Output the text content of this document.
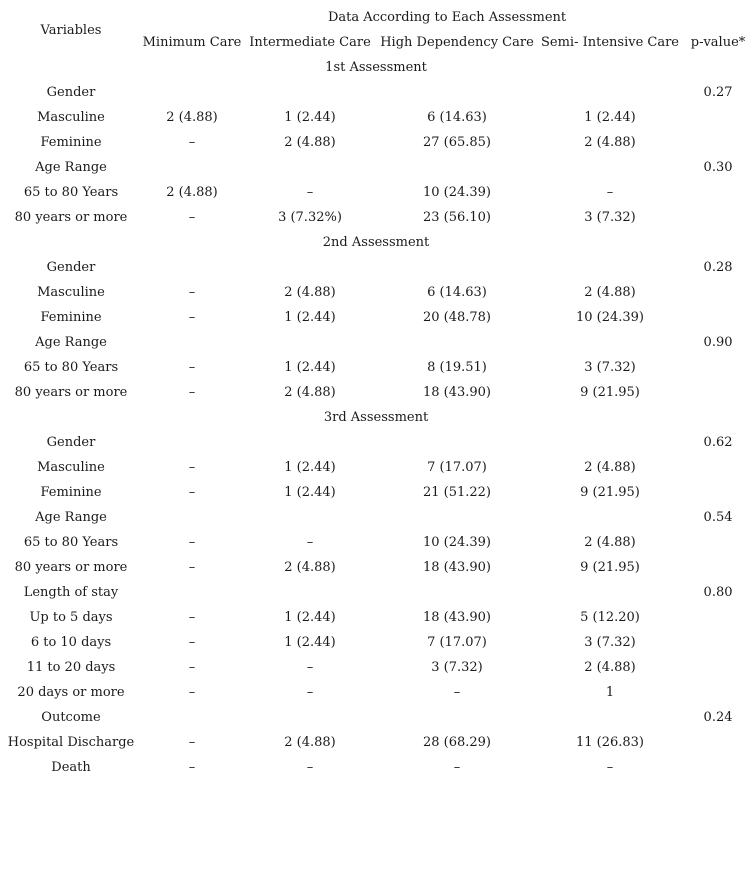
Variables	Data According to Each Assessment				
	Minimum Care	Intermediate Care	High Dependency Care	Semi- Intensive Care	p-value*
1st Assessment					
Gender					0.27
Masculine	2 (4.88)	1 (2.44)	6 (14.63)	1 (2.44)	
Feminine	–	2 (4.88)	27 (65.85)	2 (4.88)	
Age Range					0.30
65 to 80 Years	2 (4.88)	–	10 (24.39)	–	
80 years or more	–	3 (7.32%)	23 (56.10)	3 (7.32)	
2nd Assessment					
Gender					0.28
Masculine	–	2 (4.88)	6 (14.63)	2 (4.88)	
Feminine	–	1 (2.44)	20 (48.78)	10 (24.39)	
Age Range					0.90
65 to 80 Years	–	1 (2.44)	8 (19.51)	3 (7.32)	
80 years or more	–	2 (4.88)	18 (43.90)	9 (21.95)	
3rd Assessment					
Gender					0.62
Masculine	–	1 (2.44)	7 (17.07)	2 (4.88)	
Feminine	–	1 (2.44)	21 (51.22)	9 (21.95)	
Age Range					0.54
65 to 80 Years	–	–	10 (24.39)	2 (4.88)	
80 years or more	–	2 (4.88)	18 (43.90)	9 (21.95)	
Length of stay					0.80
Up to 5 days	–	1 (2.44)	18 (43.90)	5 (12.20)	
6 to 10 days	–	1 (2.44)	7 (17.07)	3 (7.32)	
11 to 20 days	–	–	3 (7.32)	2 (4.88)	
20 days or more	–	–	–	1	
Outcome					0.24
Hospital Discharge	–	2 (4.88)	28 (68.29)	11 (26.83)	
Death	–	–	–	–	
